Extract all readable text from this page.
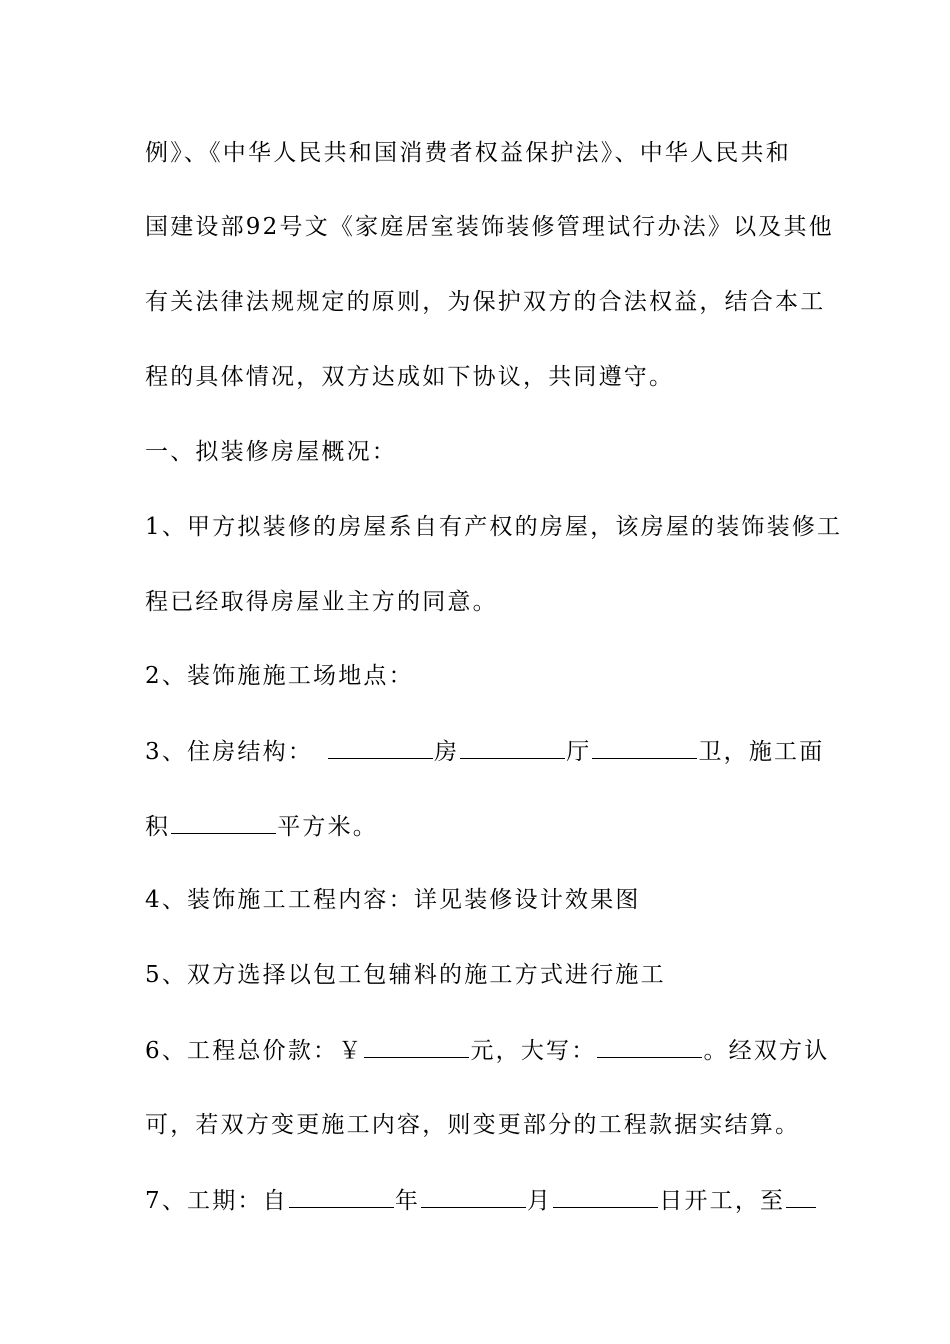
例》、《中华人民共和国消费者权益保护法》、中华人民共和
国建设部92号文《家庭居室装饰装修管理试行办法》以及其他
有关法律法规规定的原则，为保护双方的合法权益，结合本工
程的具体情况，双方达成如下协议，共同遵守。
一、拟装修房屋概况：
1、甲方拟装修的房屋系自有产权的房屋，该房屋的装饰装修工
程已经取得房屋业主方的同意。
2、装饰施施工场地点：
3、住房结构：	房	厅	卫，施工面
积	平方米。
4、装饰施工工程内容：详见装修设计效果图
5、双方选择以包工包辅料的施工方式进行施工
6、工程总价款：￥	元，大写：	。经双方认
可，若双方变更施工内容，则变更部分的工程款据实结算。
7、工期：自	年	月	日开工，至
